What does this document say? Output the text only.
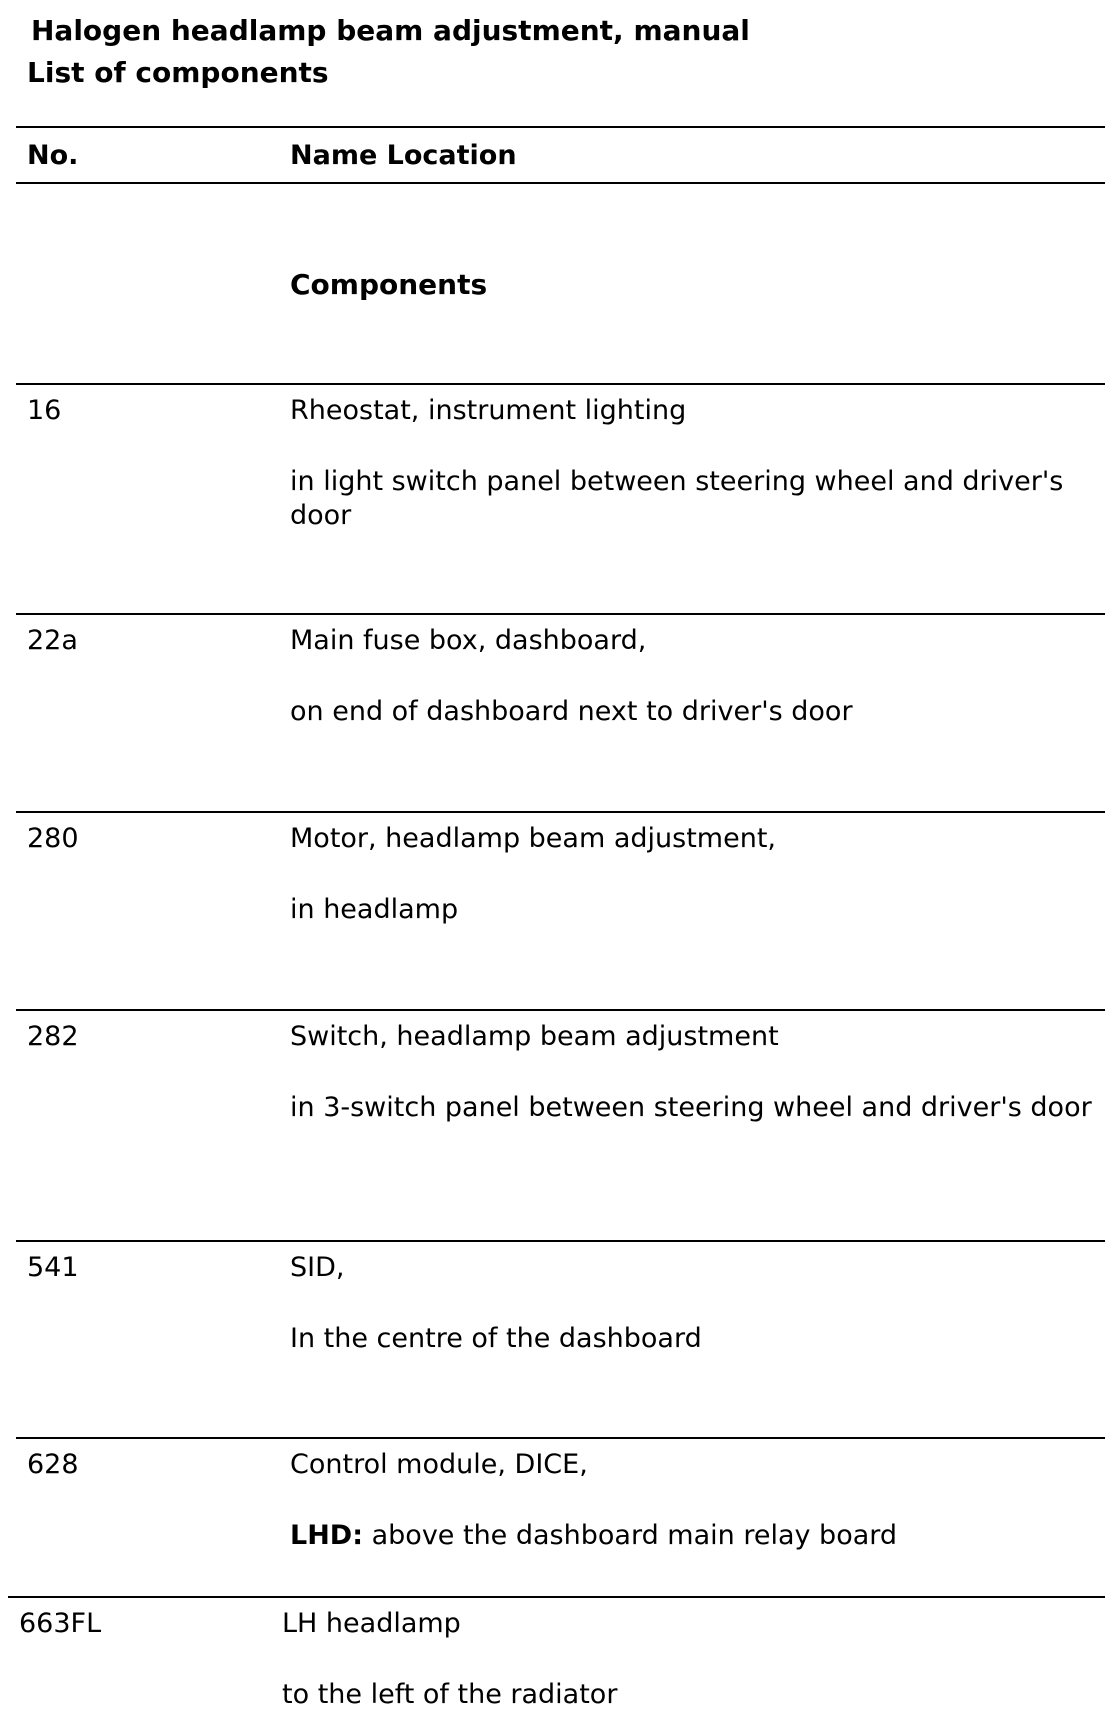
Halogen headlamp beam adjustment, manual
List of components
No.	Name Location
Components
16	Rheostat, instrument lighting
in light switch panel between steering wheel and driver's door
22a	Main fuse box, dashboard,
on end of dashboard next to driver's door
280	Motor, headlamp beam adjustment,
in headlamp
282	Switch, headlamp beam adjustment
in 3-switch panel between steering wheel and driver's door
541	SID,
In the centre of the dashboard
628	Control module, DICE,
LHD: above the dashboard main relay board
663FL	LH headlamp
to the left of the radiator
